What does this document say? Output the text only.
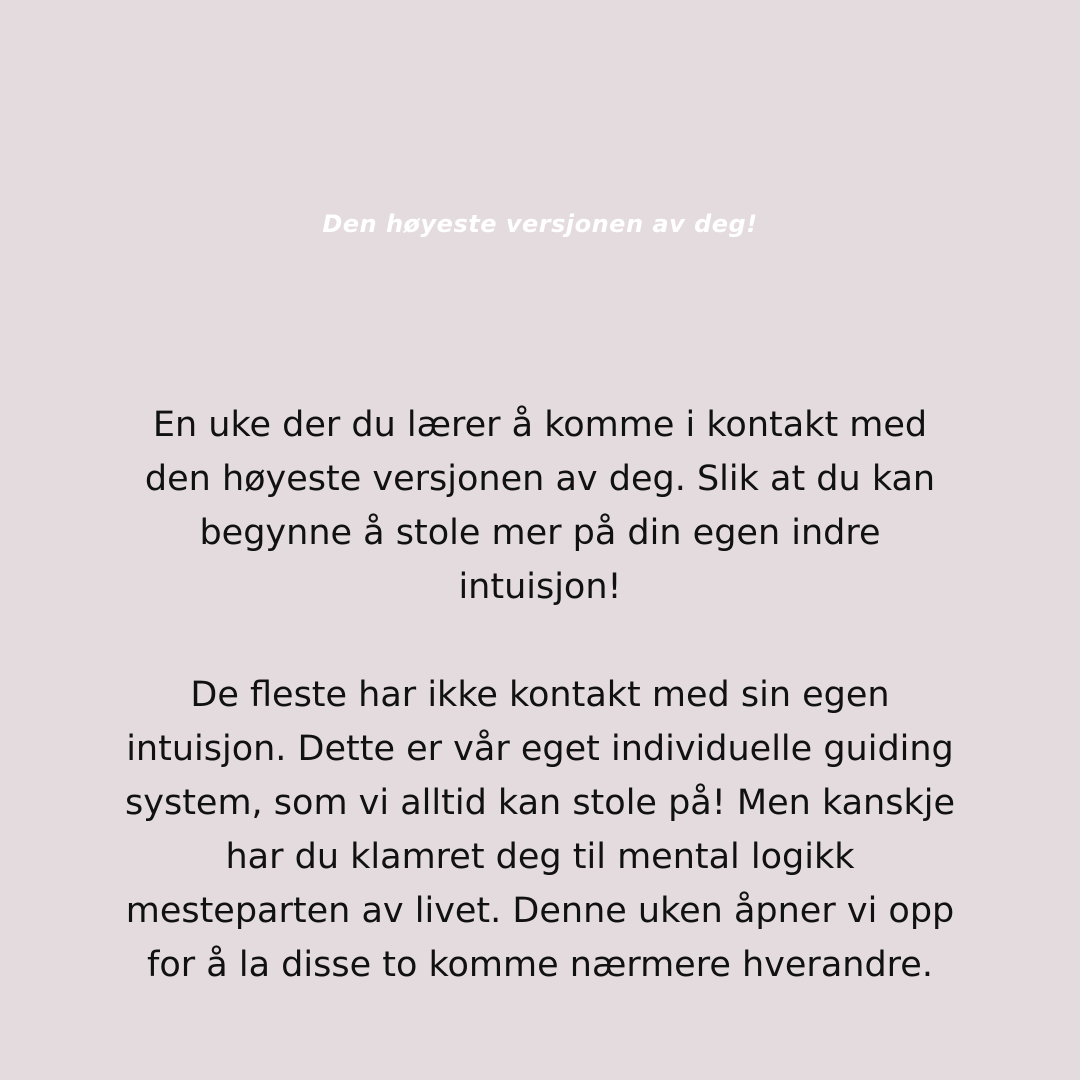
Den høyeste versjonen av deg!
En uke der du lærer å komme i kontakt med
den høyeste versjonen av deg. Slik at du kan
begynne å stole mer på din egen indre
intuisjon!
De fleste har ikke kontakt med sin egen
intuisjon. Dette er vår eget individuelle guiding
system, som vi alltid kan stole på! Men kanskje
har du klamret deg til mental logikk
mesteparten av livet. Denne uken åpner vi opp
for å la disse to komme nærmere hverandre.
